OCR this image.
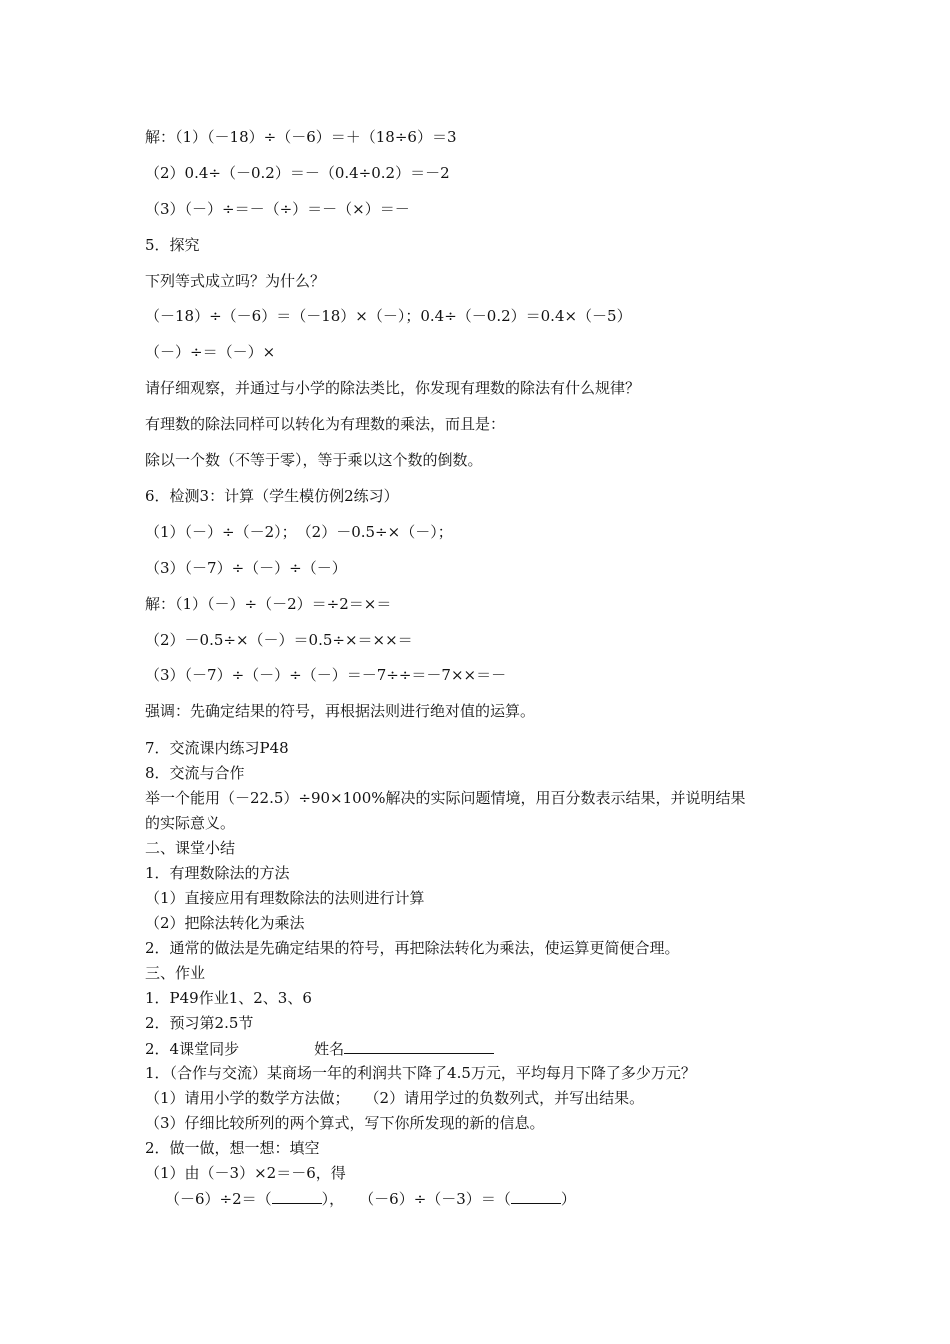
解：（1）（－18）÷（－6）＝＋（18÷6）＝3
（2）0.4÷（－0.2）＝－（0.4÷0.2）＝－2
（3）（－）÷＝－（÷）＝－（×）＝－
5．探究
下列等式成立吗？为什么？
（－18）÷（－6）＝（－18）×（－）；0.4÷（－0.2）＝0.4×（－5）
（－）÷＝（－）×
请仔细观察，并通过与小学的除法类比，你发现有理数的除法有什么规律？
有理数的除法同样可以转化为有理数的乘法，而且是：
除以一个数（不等于零），等于乘以这个数的倒数。
6．检测3：计算（学生模仿例2练习）
（1）（－）÷（－2）；　（2）－0.5÷×（－）；
（3）（－7）÷（－）÷（－）
解：（1）（－）÷（－2）＝÷2＝×＝
（2）－0.5÷×（－）＝0.5÷×＝××＝
（3）（－7）÷（－）÷（－）＝－7÷÷＝－7××＝－
强调：先确定结果的符号，再根据法则进行绝对值的运算。
7．交流课内练习P48
8．交流与合作
举一个能用（－22.5）÷90×100%解决的实际问题情境，用百分数表示结果，并说明结果
的实际意义。
二、课堂小结
1．有理数除法的方法
（1）直接应用有理数除法的法则进行计算
（2）把除法转化为乘法
2．通常的做法是先确定结果的符号，再把除法转化为乘法，使运算更简便合理。
三、作业
1．P49作业1、2、3、6
2．预习第2.5节
2．4课堂同步　　　　　姓名
1．（合作与交流）某商场一年的利润共下降了4.5万元，平均每月下降了多少万元？
（1）请用小学的数学方法做；　　（2）请用学过的负数列式，并写出结果。
（3）仔细比较所列的两个算式，写下你所发现的新的信息。
2．做一做，想一想：填空
（1）由（－3）×2＝－6，得
（－6）÷2＝（	），　　（－6）÷（－3）＝（	）
